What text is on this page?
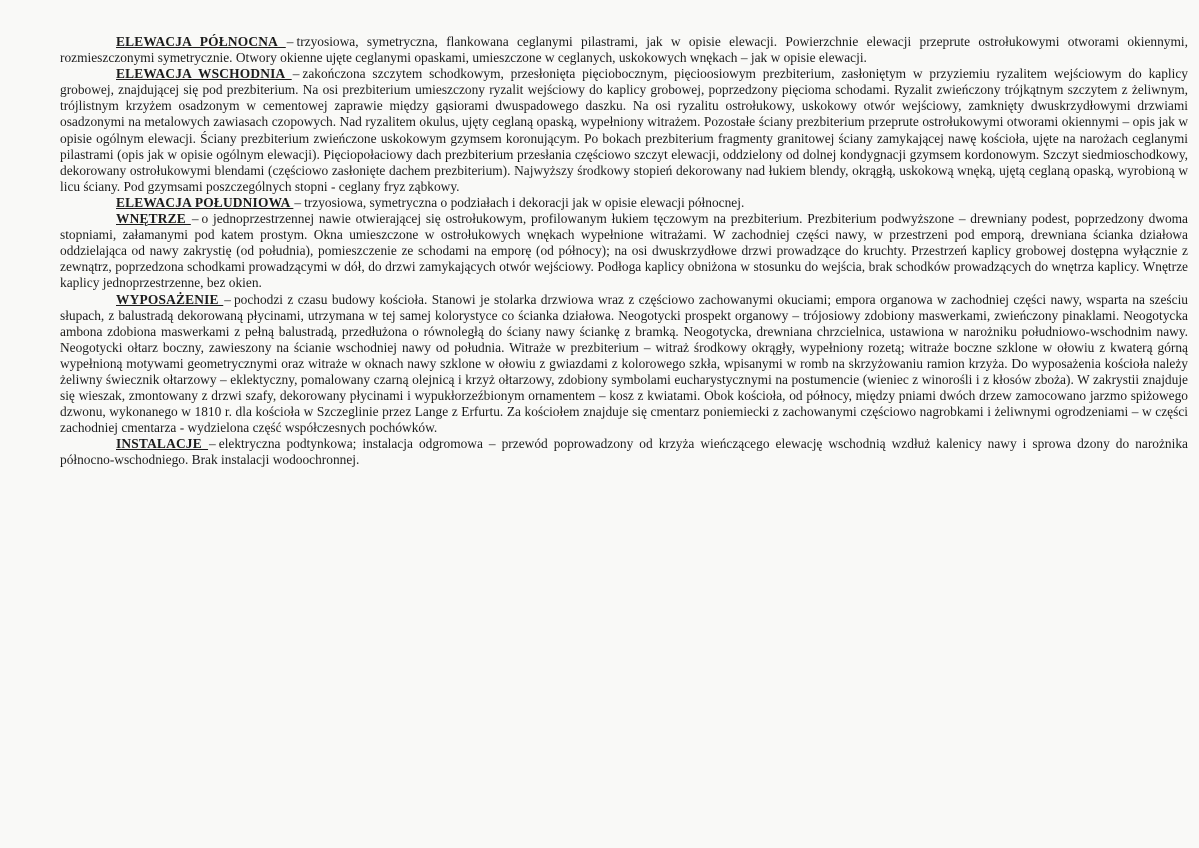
ELEWACJA PÓŁNOCNA – trzyosiowa, symetryczna, flankowana ceglanymi pilastrami, jak w opisie elewacji. Powierzchnie elewacji przeprute ostrołukowymi otworami okiennymi, rozmieszczonymi symetrycznie. Otwory okienne ujęte ceglanymi opaskami, umieszczone w ceglanych, uskokowych wnękach – jak w opisie elewacji.

ELEWACJA WSCHODNIA – zakończona szczytem schodkowym, przesłonięta pięciobocznym, pięcioosiowym prezbiterium, zasłoniętym w przyziemiu ryzalitem wejściowym do kaplicy grobowej, znajdującej się pod prezbiterium. Na osi prezbiterium umieszczony ryzalit wejściowy do kaplicy grobowej, poprzedzony pięcioma schodami. Ryzalit zwieńczony trójkątnym szczytem z żeliwnym, trójlistnym krzyżem osadzonym w cementowej zaprawie między gąsiorami dwuspadowego daszku. Na osi ryzalitu ostrołukowy, uskokowy otwór wejściowy, zamknięty dwuskrzydłowymi drzwiami osadzonymi na metalowych zawiasach czopowych. Nad ryzalitem okulus, ujęty ceglaną opaską, wypełniony witrażem. Pozostałe ściany prezbiterium przeprute ostrołukowymi otworami okiennymi – opis jak w opisie ogólnym elewacji. Ściany prezbiterium zwieńczone uskokowym gzymsem koronującym. Po bokach prezbiterium fragmenty granitowej ściany zamykającej nawę kościoła, ujęte na narożach ceglanymi pilastrami (opis jak w opisie ogólnym elewacji). Pięciopołaciowy dach prezbiterium przesłania częściowo szczyt elewacji, oddzielony od dolnej kondygnacji gzymsem kordonowym. Szczyt siedmioschodkowy, dekorowany ostrołukowymi blendami (częściowo zasłonięte dachem prezbiterium). Najwyższy środkowy stopień dekorowany nad łukiem blendy, okrągłą, uskokową wnęką, ujętą ceglaną opaską, wyrobioną w licu ściany. Pod gzymsami poszczególnych stopni - ceglany fryz ząbkowy.

ELEWACJA POŁUDNIOWA – trzyosiowa, symetryczna o podziałach i dekoracji jak w opisie elewacji północnej.

WNĘTRZE – o jednoprzestrzennej nawie otwierającej się ostrołukowym, profilowanym łukiem tęczowym na prezbiterium. Prezbiterium podwyższone – drewniany podest, poprzedzony dwoma stopniami, załamanymi pod katem prostym. Okna umieszczone w ostrołukowych wnękach wypełnione witrażami. W zachodniej części nawy, w przestrzeni pod emporą, drewniana ścianka działowa oddzielająca od nawy zakrystię (od południa), pomieszczenie ze schodami na emporę (od północy); na osi dwuskrzydłowe drzwi prowadzące do kruchty. Przestrzeń kaplicy grobowej dostępna wyłącznie z zewnątrz, poprzedzona schodkami prowadzącymi w dół, do drzwi zamykających otwór wejściowy. Podłoga kaplicy obniżona w stosunku do wejścia, brak schodków prowadzących do wnętrza kaplicy. Wnętrze kaplicy jednoprzestrzenne, bez okien.

WYPOSAŻENIE – pochodzi z czasu budowy kościoła. Stanowi je stolarka drzwiowa wraz z częściowo zachowanymi okuciami; empora organowa w zachodniej części nawy, wsparta na sześciu słupach, z balustradą dekorowaną płycinami, utrzymana w tej samej kolorystyce co ścianka działowa. Neogotycki prospekt organowy – trójosiowy zdobiony maswerkami, zwieńczony pinaklami. Neogotycka ambona zdobiona maswerkami z pełną balustradą, przedłużona o równoległą do ściany nawy ściankę z bramką. Neogotycka, drewniana chrzcielnica, ustawiona w narożniku południowo-wschodnim nawy. Neogotycki ołtarz boczny, zawieszony na ścianie wschodniej nawy od południa. Witraże w prezbiterium – witraż środkowy okrągły, wypełniony rozetą; witraże boczne szklone w ołowiu z kwaterą górną wypełnioną motywami geometrycznymi oraz witraże w oknach nawy szklone w ołowiu z gwiazdami z kolorowego szkła, wpisanymi w romb na skrzyżowaniu ramion krzyża. Do wyposażenia kościoła należy żeliwny świecznik ołtarzowy – eklektyczny, pomalowany czarną olejnicą i krzyż ołtarzowy, zdobiony symbolami eucharystycznymi na postumencie (wieniec z winorośli i z kłosów zboża). W zakrystii znajduje się wieszak, zmontowany z drzwi szafy, dekorowany płycinami i wypukłorzeźbionym ornamentem – kosz z kwiatami. Obok kościoła, od północy, między pniami dwóch drzew zamocowano jarzmo spiżowego dzwonu, wykonanego w 1810 r. dla kościoła w Szczeglinie przez Lange z Erfurtu. Za kościołem znajduje się cmentarz poniemiecki z zachowanymi częściowo nagrobkami i żeliwnymi ogrodzeniami – w części zachodniej cmentarza - wydzielona część współczesnych pochówków.

INSTALACJE – elektryczna podtynkowa; instalacja odgromowa – przewód poprowadzony od krzyża wieńczącego elewację wschodnią wzdłuż kalenicy nawy i sprowa dzony do narożnika północno-wschodniego. Brak instalacji wodoochronnej.
